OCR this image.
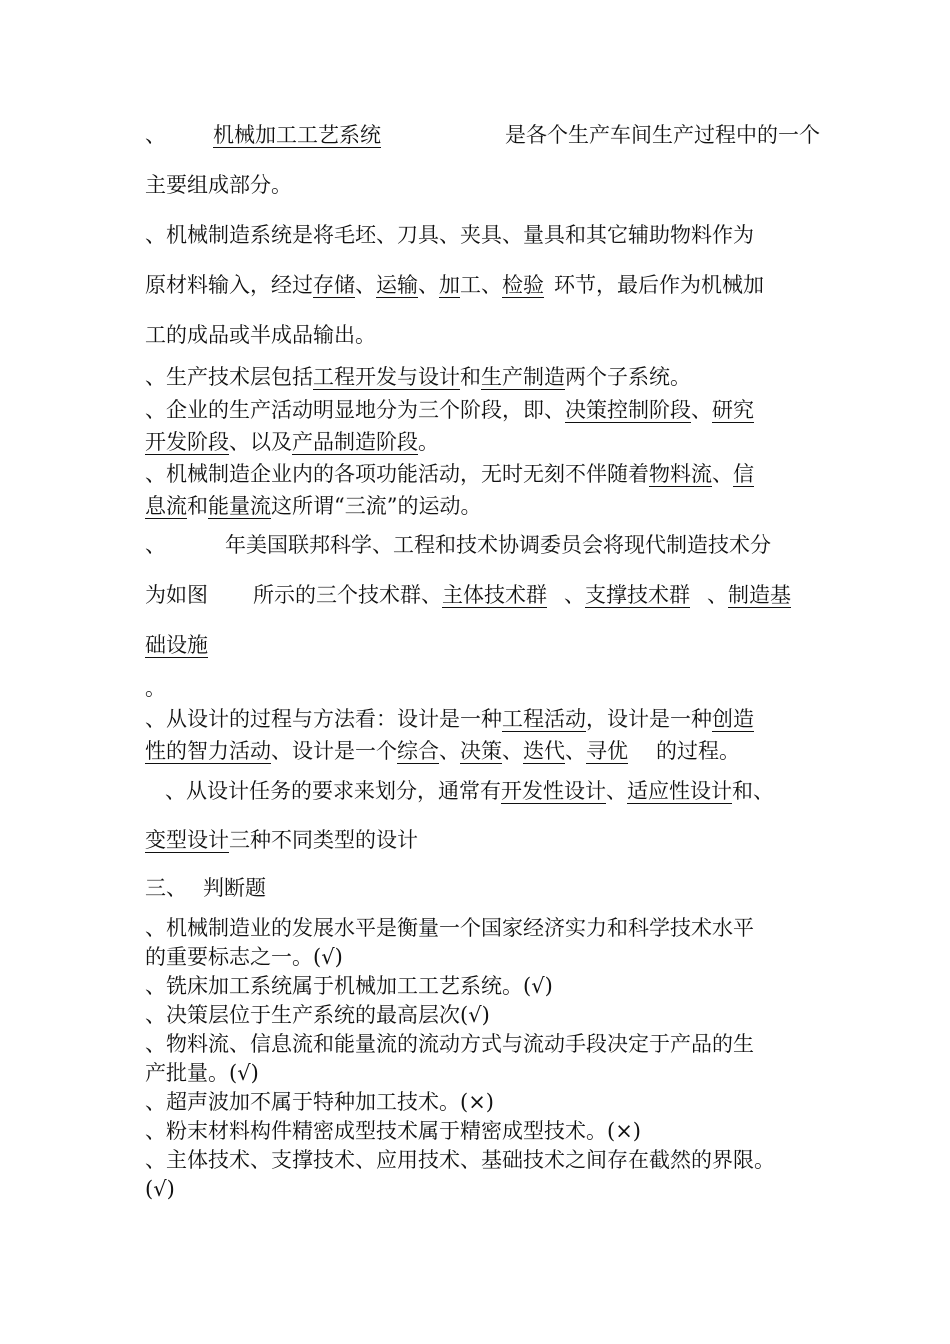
、 机械加工工艺系统	是各个生产车间生产过程中的一个
主要组成部分。
、机械制造系统是将毛坯、刀具、夹具、量具和其它辅助物料作为
原材料输入，经过存储、运输、加工、检验 环节，最后作为机械加
工的成品或半成品输出。
、生产技术层包括工程开发与设计和生产制造两个子系统。
、企业的生产活动明显地分为三个阶段，即、决策控制阶段、研究
开发阶段、以及产品制造阶段。
、机械制造企业内的各项功能活动，无时无刻不伴随着物料流、信
息流和能量流这所谓“三流”的运动。
、	年美国联邦科学、工程和技术协调委员会将现代制造技术分
为如图 所示的三个技术群、主体技术群 、支撑技术群 、制造基
础设施
。
、从设计的过程与方法看：设计是一种工程活动，设计是一种创造
性的智力活动、设计是一个综合、决策、迭代、寻优 的过程。
、从设计任务的要求来划分，通常有开发性设计、适应性设计和、
变型设计三种不同类型的设计
三、 判断题
、机械制造业的发展水平是衡量一个国家经济实力和科学技术水平
的重要标志之一。(√)
、铣床加工系统属于机械加工工艺系统。(√)
、决策层位于生产系统的最高层次(√)
、物料流、信息流和能量流的流动方式与流动手段决定于产品的生
产批量。(√)
、超声波加不属于特种加工技术。(×)
、粉末材料构件精密成型技术属于精密成型技术。(×)
、主体技术、支撑技术、应用技术、基础技术之间存在截然的界限。
(√)
